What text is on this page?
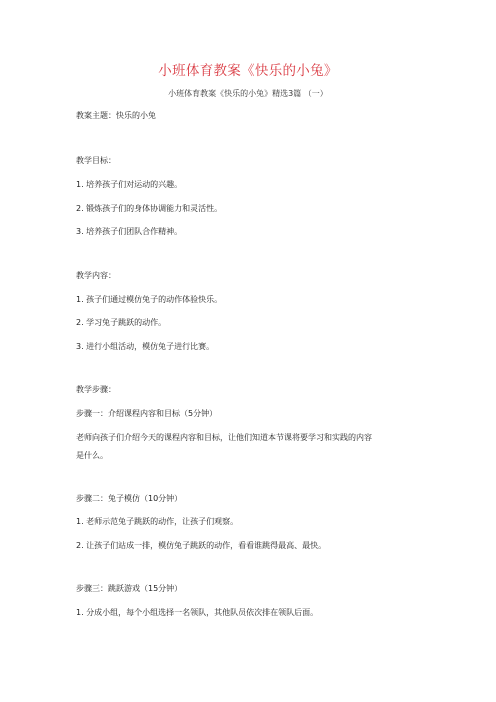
小班体育教案《快乐的小兔》
小班体育教案《快乐的小兔》精选3篇 （一）
教案主题：快乐的小兔
教学目标：
1. 培养孩子们对运动的兴趣。
2. 锻炼孩子们的身体协调能力和灵活性。
3. 培养孩子们团队合作精神。
教学内容：
1. 孩子们通过模仿兔子的动作体验快乐。
2. 学习兔子跳跃的动作。
3. 进行小组活动，模仿兔子进行比赛。
教学步骤：
步骤一：介绍课程内容和目标（5分钟）
老师向孩子们介绍今天的课程内容和目标，让他们知道本节课将要学习和实践的内容
是什么。
步骤二：兔子模仿（10分钟）
1. 老师示范兔子跳跃的动作，让孩子们观察。
2. 让孩子们站成一排，模仿兔子跳跃的动作，看看谁跳得最高、最快。
步骤三：跳跃游戏（15分钟）
1. 分成小组，每个小组选择一名领队，其他队员依次排在领队后面。
